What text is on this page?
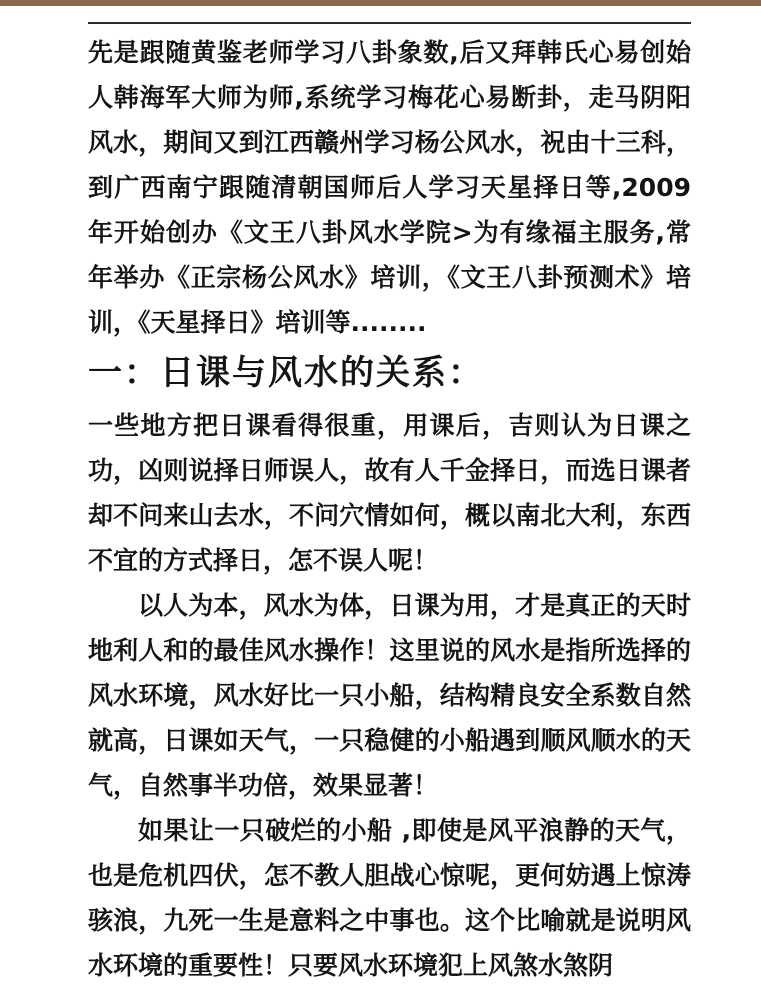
先是跟随黄鉴老师学习八卦象数,后又拜韩氏心易创始人韩海军大师为师,系统学习梅花心易断卦，走马阴阳风水，期间又到江西赣州学习杨公风水，祝由十三科，到广西南宁跟随清朝国师后人学习天星择日等,2009 年开始创办《文王八卦风水学院>为有缘福主服务,常年举办《正宗杨公风水》培训，《文王八卦预测术》培训，《天星择日》培训等........

一：日课与风水的关系：

一些地方把日课看得很重，用课后，吉则认为日课之功，凶则说择日师误人，故有人千金择日，而选日课者却不问来山去水，不问穴情如何，概以南北大利，东西不宜的方式择日，怎不误人呢！

以人为本，风水为体，日课为用，才是真正的天时地利人和的最佳风水操作！这里说的风水是指所选择的风水环境，风水好比一只小船，结构精良安全系数自然就高，日课如天气，一只稳健的小船遇到顺风顺水的天气，自然事半功倍，效果显著！

如果让一只破烂的小船 ,即使是风平浪静的天气，也是危机四伏，怎不教人胆战心惊呢，更何妨遇上惊涛骇浪，九死一生是意料之中事也。这个比喻就是说明风水环境的重要性！只要风水环境犯上风煞水煞阴
